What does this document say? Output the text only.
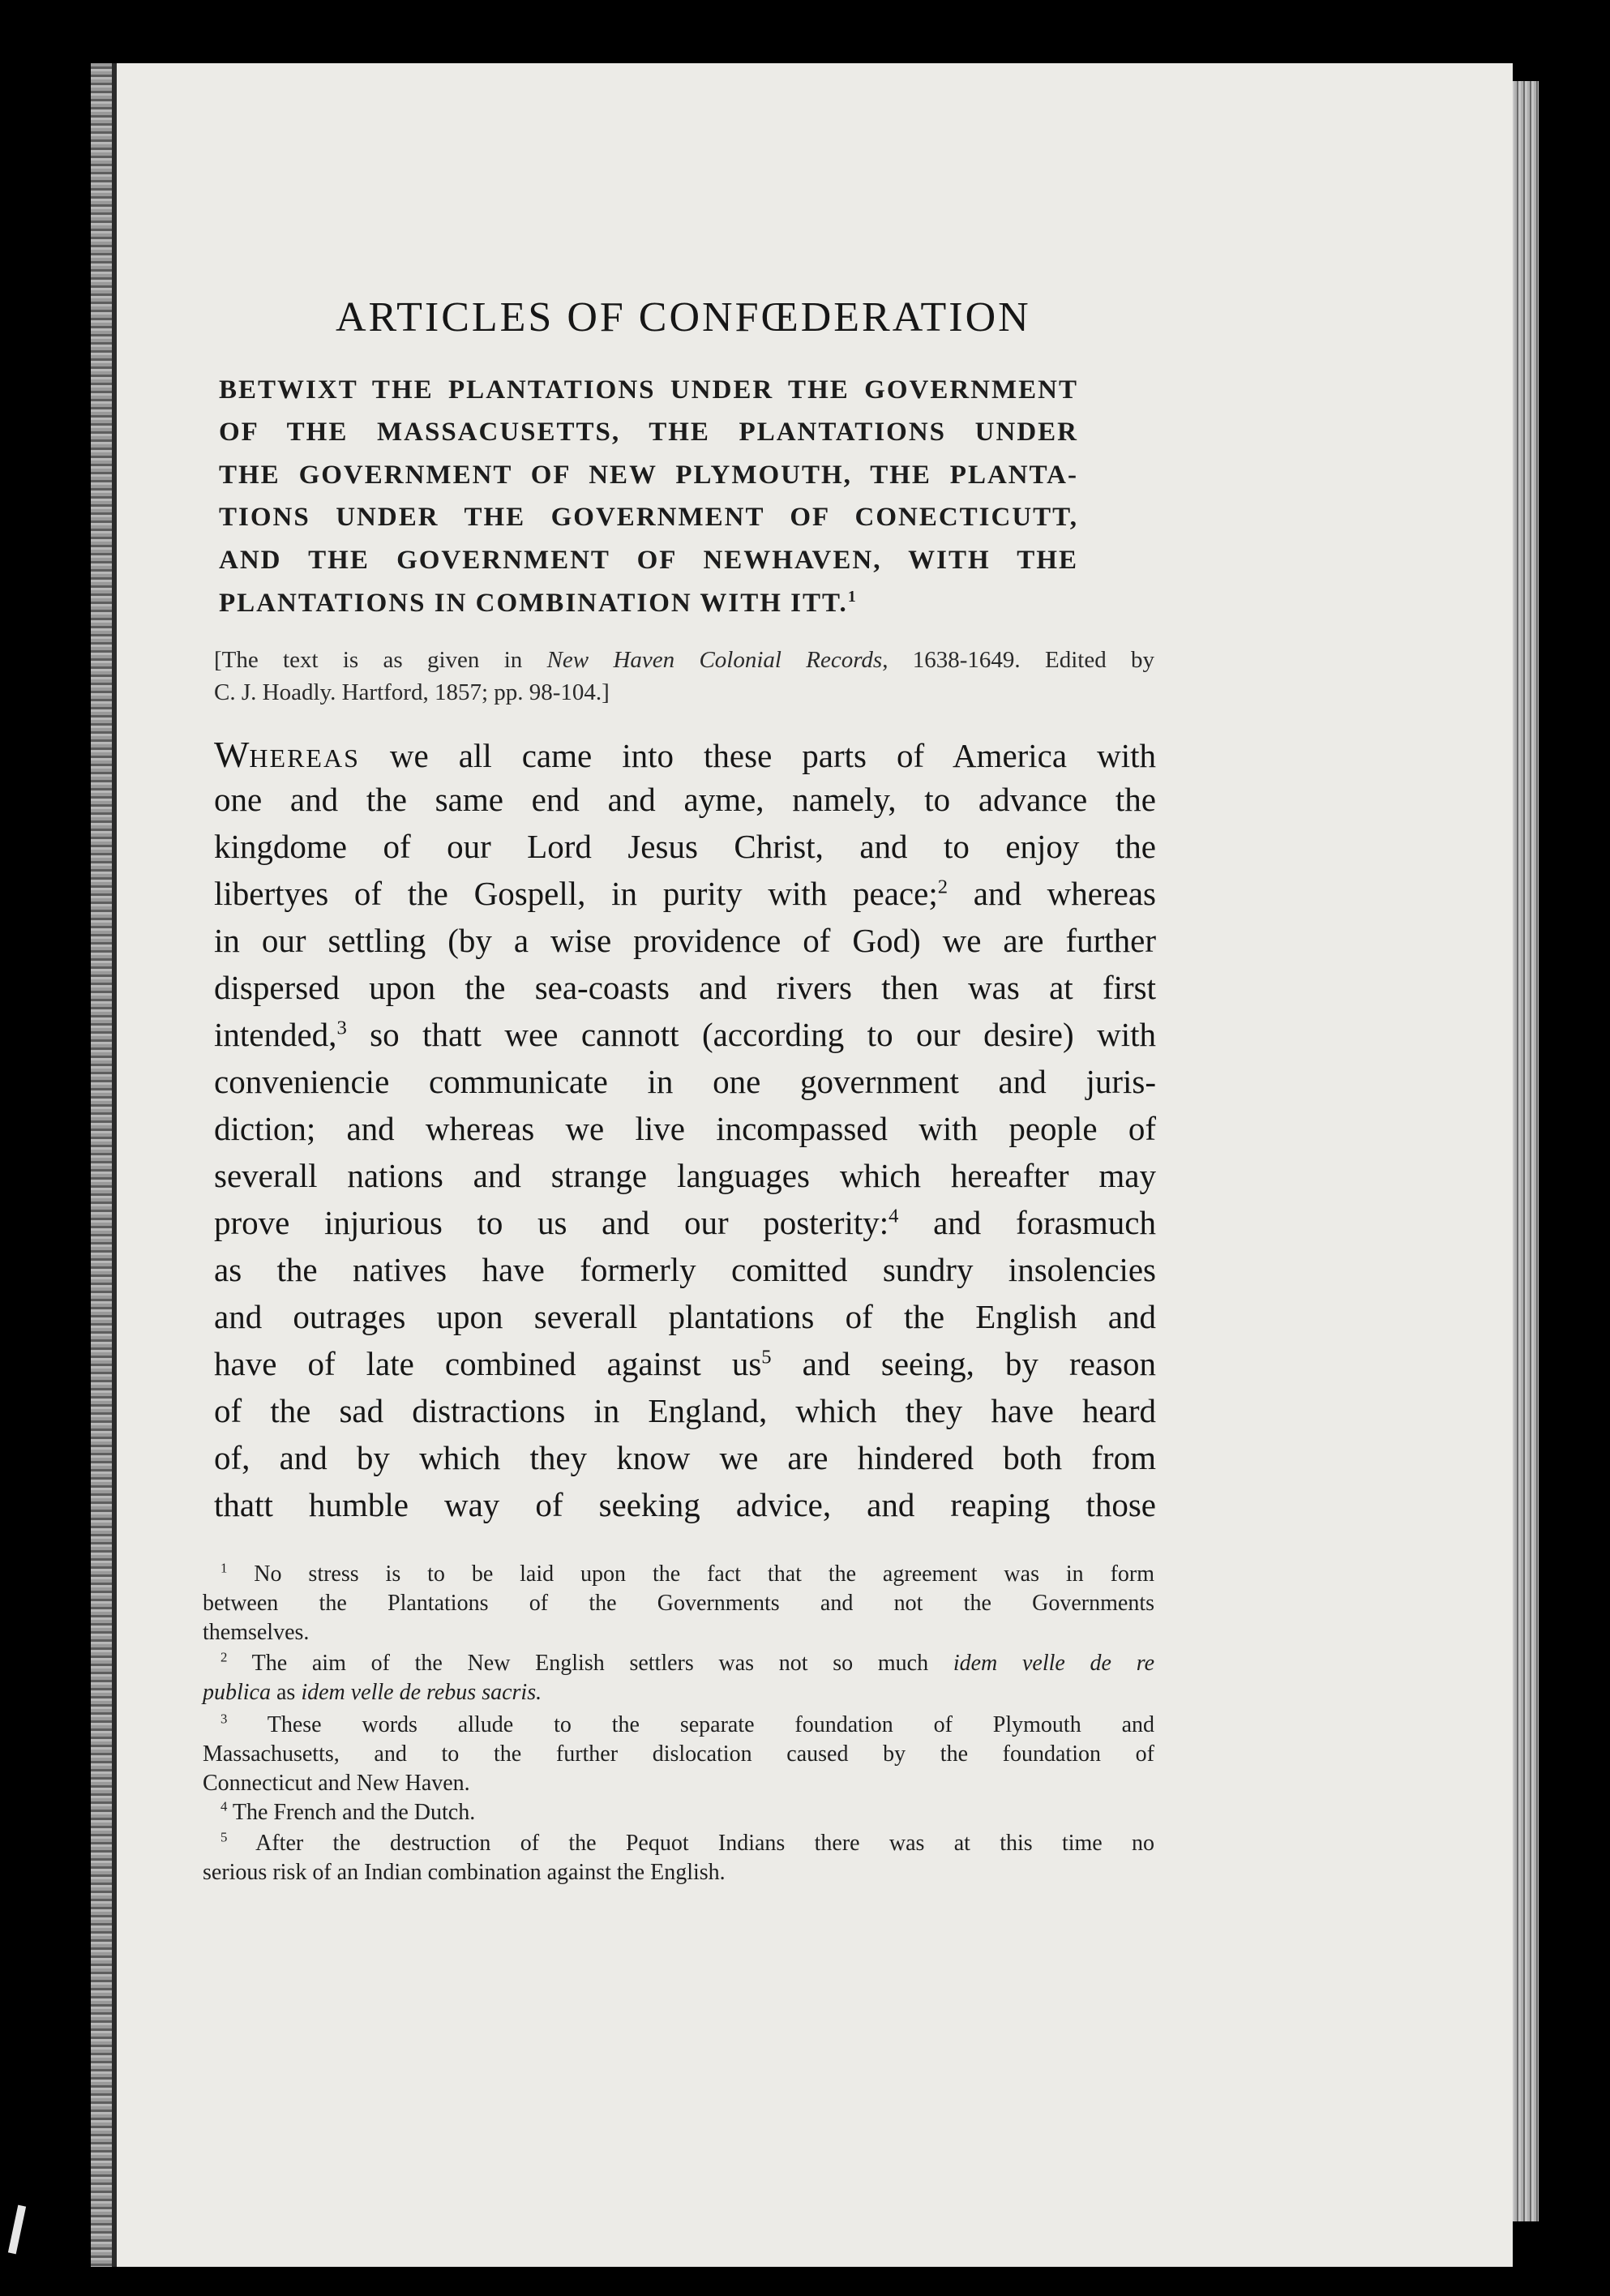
ARTICLES OF CONFŒDERATION
BETWIXT THE PLANTATIONS UNDER THE GOVERNMENT
OF THE MASSACUSETTS, THE PLANTATIONS UNDER
THE GOVERNMENT OF NEW PLYMOUTH, THE PLANTA-
TIONS UNDER THE GOVERNMENT OF CONECTICUTT,
AND THE GOVERNMENT OF NEWHAVEN, WITH THE
PLANTATIONS IN COMBINATION WITH ITT.$^1$
[The text is as given in New Haven Colonial Records, 1638-1649. Edited by
C. J. Hoadly. Hartford, 1857; pp. 98-104.]
WHEREAS we all came into these parts of America with
one and the same end and ayme, namely, to advance the
kingdome of our Lord Jesus Christ, and to enjoy the
libertyes of the Gospell, in purity with peace;$^2$ and whereas
in our settling (by a wise providence of God) we are further
dispersed upon the sea-coasts and rivers then was at first
intended,$^3$ so thatt wee cannott (according to our desire) with
conveniencie communicate in one government and juris-
diction; and whereas we live incompassed with people of
severall nations and strange languages which hereafter may
prove injurious to us and our posterity:$^4$ and forasmuch
as the natives have formerly comitted sundry insolencies
and outrages upon severall plantations of the English and
have of late combined against $us^5$ and seeing, by reason
of the sad distractions in England, which they have heard
of, and by which they know we are hindered both from
thatt humble way of seeking advice, and reaping those
$^1$ No stress is to be laid upon the fact that the agreement was in form
between the Plantations of the Governments and not the Governments
themselves.
$^2$ The aim of the New English settlers was not so much idem velle de re
publica as idem velle de rebus sacris.
$^3$ These words allude to the separate foundation of Plymouth and
Massachusetts, and to the further dislocation caused by the foundation of
Connecticut and New Haven.
$^4$ The French and the Dutch.
$^5$ After the destruction of the Pequot Indians there was at this time no
serious risk of an Indian combination against the English.
